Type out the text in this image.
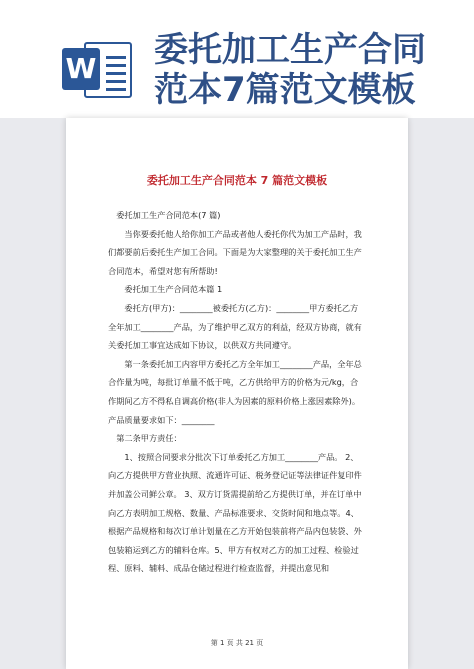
W 委托加工生产合同范本7篇范文模板
委托加工生产合同范本 7 篇范文模板

委托加工生产合同范本(7 篇)

当你要委托他人给你加工产品或者他人委托你代为加工产品时，我们都要前后委托生产加工合同。下面是为大家整理的关于委托加工生产合同范本，希望对您有所帮助!

委托加工生产合同范本篇 1

委托方(甲方)：________被委托方(乙方)：________甲方委托乙方全年加工________产品，为了维护甲乙双方的利益，经双方协商，就有关委托加工事宜达成如下协议，以供双方共同遵守。

第一条委托加工内容甲方委托乙方全年加工________产品，全年总合作量为吨，每批订单量不低于吨，乙方供给甲方的价格为元/kg，合作期间乙方不得私自调高价格(非人为因素的原料价格上涨因素除外)。产品质量要求如下：________

第二条甲方责任：

1、按照合同要求分批次下订单委托乙方加工________产品。 2、向乙方提供甲方营业执照、流通许可证、税务登记证等法律证件复印件并加盖公司鲜公章。 3、双方订货需提前给乙方提供订单，并在订单中向乙方表明加工规格、数量、产品标准要求、交货时间和地点等。4、根据产品规格和每次订单计划量在乙方开始包装前将产品内包装袋、外包装箱运到乙方的辅料仓库。5、甲方有权对乙方的加工过程、检验过程、原料、辅料、成品仓储过程进行检查监督，并提出意见和

第 1 页 共 21 页
